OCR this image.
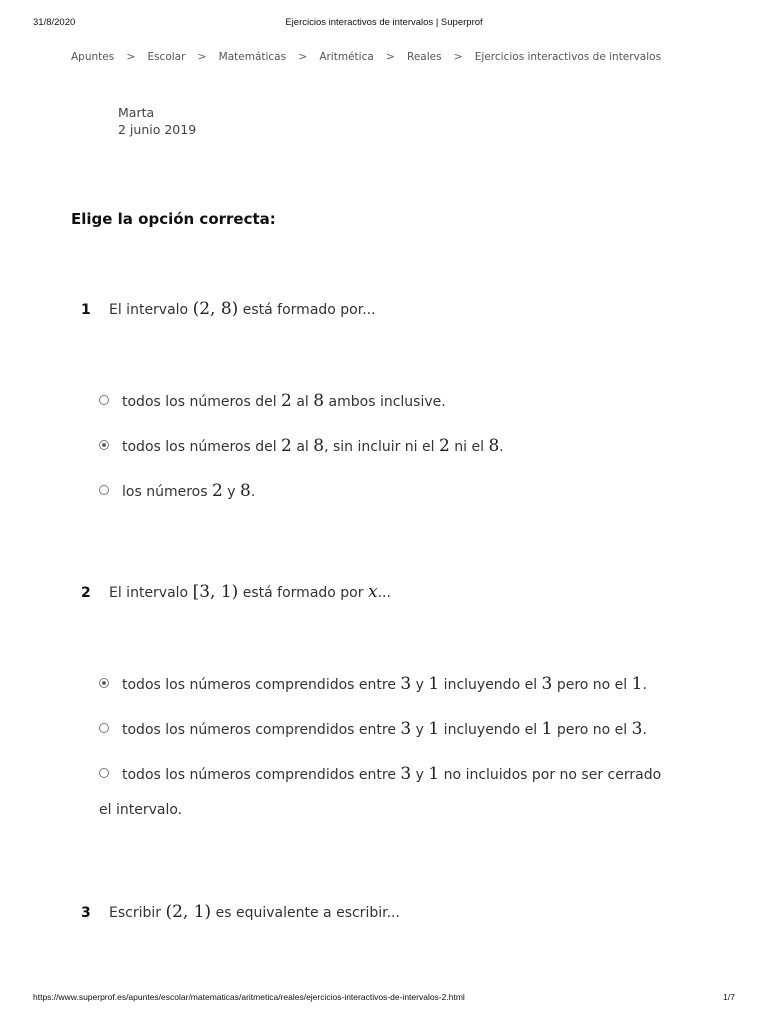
31/8/2020	Ejercicios interactivos de intervalos | Superprof
Apuntes > Escolar > Matemáticas > Aritmética > Reales > Ejercicios interactivos de intervalos
Marta
2 junio 2019
Elige la opción correcta:
1 El intervalo (2, 8) está formado por...
todos los números del 2 al 8 ambos inclusive.
todos los números del 2 al 8, sin incluir ni el 2 ni el 8.
los números 2 y 8.
2 El intervalo [3, 1) está formado por x...
todos los números comprendidos entre 3 y 1 incluyendo el 3 pero no el 1.
todos los números comprendidos entre 3 y 1 incluyendo el 1 pero no el 3.
todos los números comprendidos entre 3 y 1 no incluidos por no ser cerrado
el intervalo.
3 Escribir (2, 1) es equivalente a escribir...
https://www.superprof.es/apuntes/escolar/matematicas/aritmetica/reales/ejercicios-interactivos-de-intervalos-2.html	1/7
